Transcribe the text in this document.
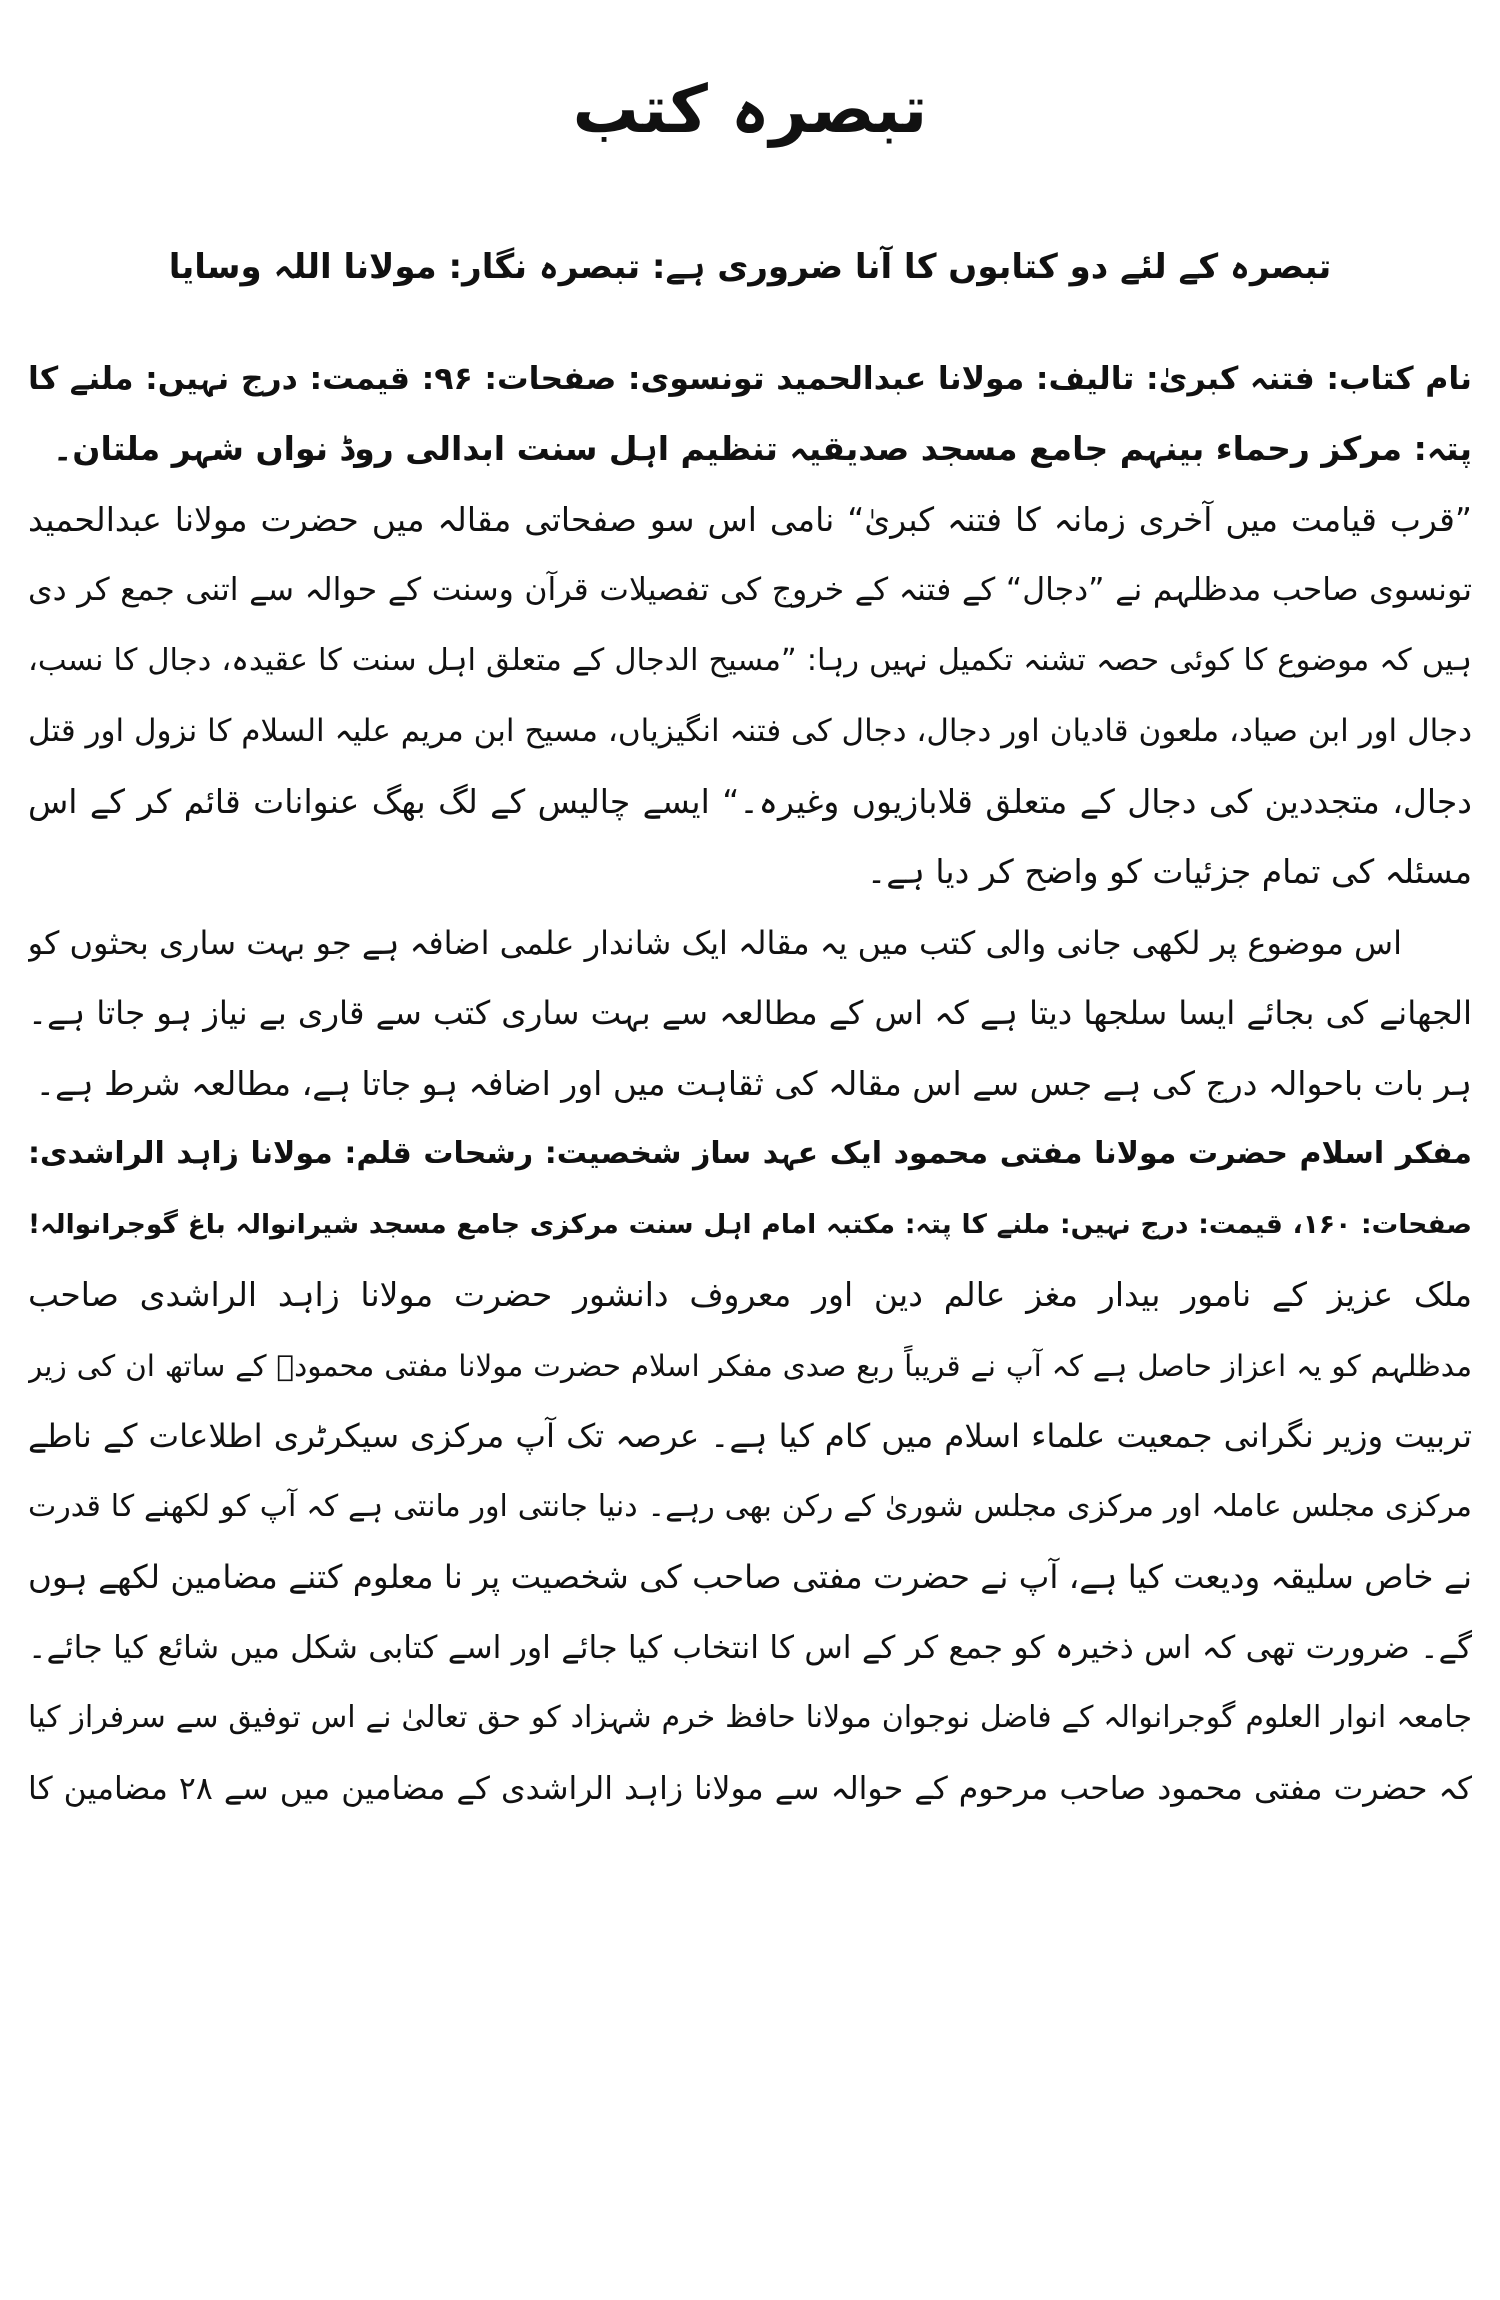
تبصرہ کتب
تبصرہ کے لئے دو کتابوں کا آنا ضروری ہے: تبصرہ نگار: مولانا اللہ وسایا
نام کتاب: فتنہ کبریٰ: تالیف: مولانا عبدالحمید تونسوی: صفحات: ۹۶: قیمت: درج نہیں: ملنے کا
پتہ: مرکز رحماء بینہم جامع مسجد صدیقیہ تنظیم اہل سنت ابدالی روڈ نواں شہر ملتان۔
”قرب قیامت میں آخری زمانہ کا فتنہ کبریٰ“ نامی اس سو صفحاتی مقالہ میں حضرت مولانا عبدالحمید
تونسوی صاحب مدظلہم نے ”دجال“ کے فتنہ کے خروج کی تفصیلات قرآن وسنت کے حوالہ سے اتنی جمع کر دی
ہیں کہ موضوع کا کوئی حصہ تشنہ تکمیل نہیں رہا: ”مسیح الدجال کے متعلق اہل سنت کا عقیدہ، دجال کا نسب،
دجال اور ابن صیاد، ملعون قادیان اور دجال، دجال کی فتنہ انگیزیاں، مسیح ابن مریم علیہ السلام کا نزول اور قتل
دجال، متجددین کی دجال کے متعلق قلابازیوں وغیرہ۔“ ایسے چالیس کے لگ بھگ عنوانات قائم کر کے اس
مسئلہ کی تمام جزئیات کو واضح کر دیا ہے۔
اس موضوع پر لکھی جانی والی کتب میں یہ مقالہ ایک شاندار علمی اضافہ ہے جو بہت ساری بحثوں کو
الجھانے کی بجائے ایسا سلجھا دیتا ہے کہ اس کے مطالعہ سے بہت ساری کتب سے قاری بے نیاز ہو جاتا ہے۔
ہر بات باحوالہ درج کی ہے جس سے اس مقالہ کی ثقاہت میں اور اضافہ ہو جاتا ہے، مطالعہ شرط ہے۔
مفکر اسلام حضرت مولانا مفتی محمود ایک عہد ساز شخصیت: رشحات قلم: مولانا زاہد الراشدی:
صفحات: ۱۶۰، قیمت: درج نہیں: ملنے کا پتہ: مکتبہ امام اہل سنت مرکزی جامع مسجد شیرانوالہ باغ گوجرانوالہ!
ملک عزیز کے نامور بیدار مغز عالم دین اور معروف دانشور حضرت مولانا زاہد الراشدی صاحب
مدظلہم کو یہ اعزاز حاصل ہے کہ آپ نے قریباً ربع صدی مفکر اسلام حضرت مولانا مفتی محمودؒ کے ساتھ ان کی زیر
تربیت وزیر نگرانی جمعیت علماء اسلام میں کام کیا ہے۔ عرصہ تک آپ مرکزی سیکرٹری اطلاعات کے ناطے
مرکزی مجلس عاملہ اور مرکزی مجلس شوریٰ کے رکن بھی رہے۔ دنیا جانتی اور مانتی ہے کہ آپ کو لکھنے کا قدرت
نے خاص سلیقہ ودیعت کیا ہے، آپ نے حضرت مفتی صاحب کی شخصیت پر نا معلوم کتنے مضامین لکھے ہوں
گے۔ ضرورت تھی کہ اس ذخیرہ کو جمع کر کے اس کا انتخاب کیا جائے اور اسے کتابی شکل میں شائع کیا جائے۔
جامعہ انوار العلوم گوجرانوالہ کے فاضل نوجوان مولانا حافظ خرم شہزاد کو حق تعالیٰ نے اس توفیق سے سرفراز کیا
کہ حضرت مفتی محمود صاحب مرحوم کے حوالہ سے مولانا زاہد الراشدی کے مضامین میں سے ۲۸ مضامین کا
